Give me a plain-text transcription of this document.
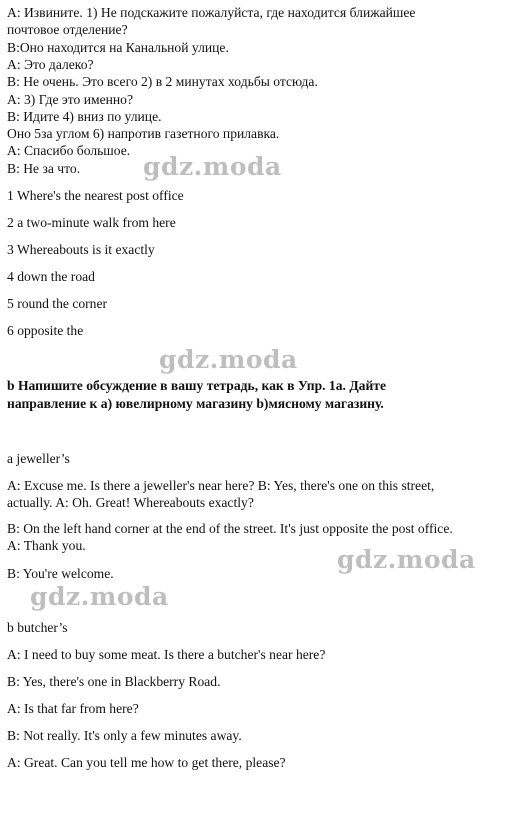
А: Извините. 1) Не подскажите пожалуйста, где находится ближайшее
почтовое отделение?
В:Оно находится на Канальной улице.
А: Это далеко?
В: Не очень. Это всего 2) в 2 минутах ходьбы отсюда.
А: 3) Где это именно?
В: Идите 4) вниз по улице.
Оно 5за углом 6) напротив газетного прилавка.
А: Спасибо большое.
В: Не за что.
1 Where's the nearest post office
2 a two-minute walk from here
3 Whereabouts is it exactly
4 down the road
5 round the corner
6 opposite the
b Напишите обсуждение в вашу тетрадь, как в Упр. 1a. Дайте
направление к а) ювелирному магазину b)мясному магазину.
a jeweller’s
A: Excuse me. Is there a jeweller's near here? B: Yes, there's one on this street,
actually. A: Oh. Great! Whereabouts exactly?
B: On the left hand corner at the end of the street. It's just opposite the post office.
A: Thank you.
B: You're welcome.
b butcher’s
A: I need to buy some meat. Is there a butcher's near here?
B: Yes, there's one in Blackberry Road.
A: Is that far from here?
B: Not really. It's only a few minutes away.
A: Great. Can you tell me how to get there, please?
gdz.moda
gdz.moda
gdz.moda
gdz.moda
